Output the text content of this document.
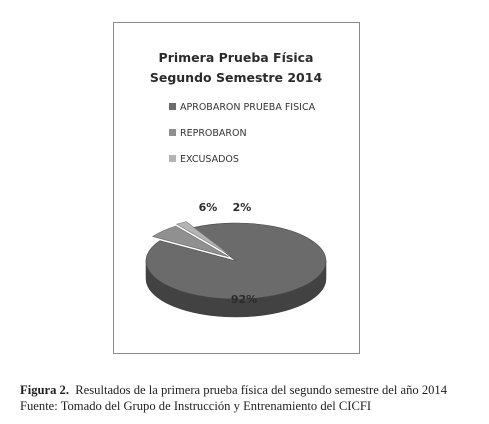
Primera Prueba Física
Segundo Semestre 2014
APROBARON PRUEBA FISICA
REPROBARON
EXCUSADOS
92%
6% 2%
Figura 2. Resultados de la primera prueba física del segundo semestre del año 2014
Fuente: Tomado del Grupo de Instrucción y Entrenamiento del CICFI
